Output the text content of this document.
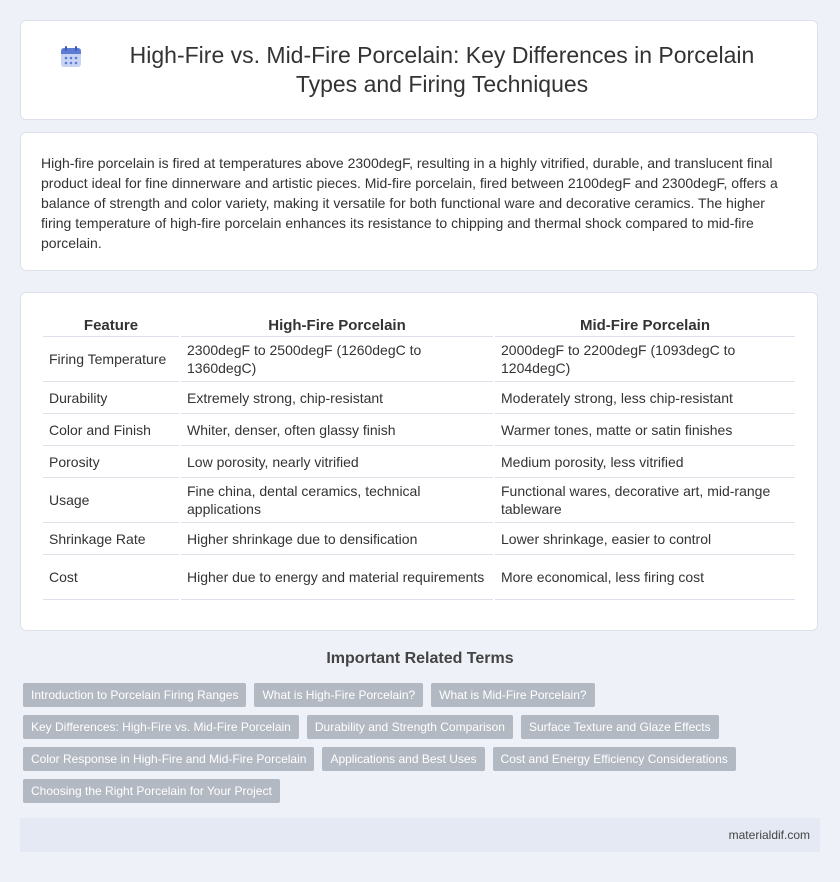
High-Fire vs. Mid-Fire Porcelain: Key Differences in Porcelain Types and Firing Techniques

High-fire porcelain is fired at temperatures above 2300degF, resulting in a highly vitrified, durable, and translucent final product ideal for fine dinnerware and artistic pieces. Mid-fire porcelain, fired between 2100degF and 2300degF, offers a balance of strength and color variety, making it versatile for both functional ware and decorative ceramics. The higher firing temperature of high-fire porcelain enhances its resistance to chipping and thermal shock compared to mid-fire porcelain.

Feature	High-Fire Porcelain	Mid-Fire Porcelain
Firing Temperature	2300degF to 2500degF (1260degC to 1360degC)	2000degF to 2200degF (1093degC to 1204degC)
Durability	Extremely strong, chip-resistant	Moderately strong, less chip-resistant
Color and Finish	Whiter, denser, often glassy finish	Warmer tones, matte or satin finishes
Porosity	Low porosity, nearly vitrified	Medium porosity, less vitrified
Usage	Fine china, dental ceramics, technical applications	Functional wares, decorative art, mid-range tableware
Shrinkage Rate	Higher shrinkage due to densification	Lower shrinkage, easier to control
Cost	Higher due to energy and material requirements	More economical, less firing cost
Important Related Terms
Introduction to Porcelain Firing Ranges	What is High-Fire Porcelain?	What is Mid-Fire Porcelain?
Key Differences: High-Fire vs. Mid-Fire Porcelain	Durability and Strength Comparison	Surface Texture and Glaze Effects
Color Response in High-Fire and Mid-Fire Porcelain	Applications and Best Uses	Cost and Energy Efficiency Considerations
Choosing the Right Porcelain for Your Project
materialdif.com
